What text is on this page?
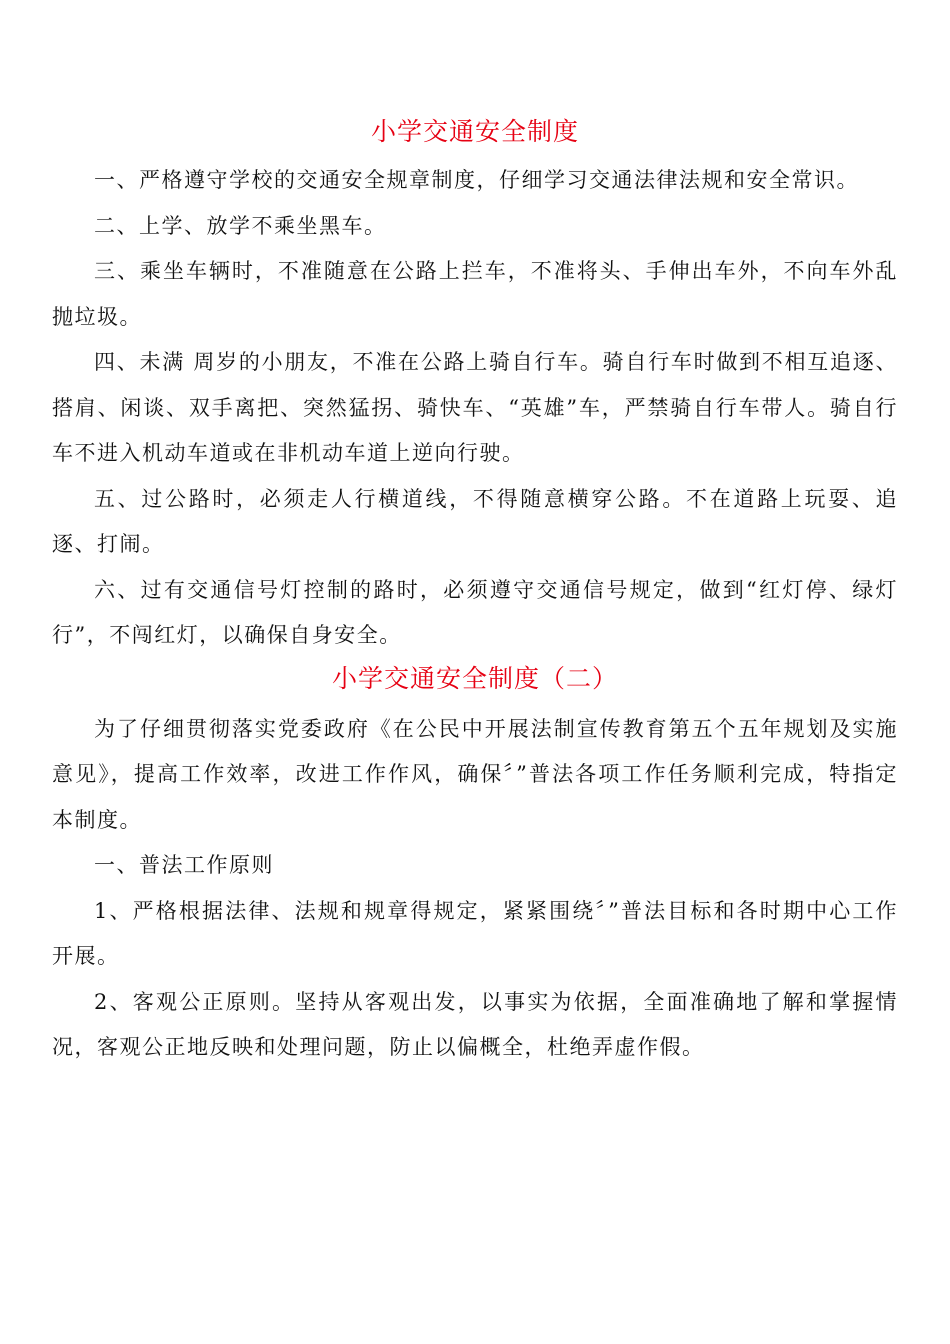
小学交通安全制度

一、严格遵守学校的交通安全规章制度，仔细学习交通法律法规和安全常识。

二、上学、放学不乘坐黑车。

三、乘坐车辆时，不准随意在公路上拦车，不准将头、手伸出车外，不向车外乱抛垃圾。

四、未满 周岁的小朋友，不准在公路上骑自行车。骑自行车时做到不相互追逐、搭肩、闲谈、双手离把、突然猛拐、骑快车、“英雄”车，严禁骑自行车带人。骑自行车不进入机动车道或在非机动车道上逆向行驶。

五、过公路时，必须走人行横道线，不得随意横穿公路。不在道路上玩耍、追逐、打闹。

六、过有交通信号灯控制的路时，必须遵守交通信号规定，做到“红灯停、绿灯行”，不闯红灯，以确保自身安全。

小学交通安全制度（二）

为了仔细贯彻落实党委政府《在公民中开展法制宣传教育第五个五年规划及实施意见》，提高工作效率，改进工作作风，确保〞”普法各项工作任务顺利完成，特指定本制度。

一、普法工作原则

1、严格根据法律、法规和规章得规定，紧紧围绕〞”普法目标和各时期中心工作开展。

2、客观公正原则。坚持从客观出发，以事实为依据，全面准确地了解和掌握情况，客观公正地反映和处理问题，防止以偏概全，杜绝弄虚作假。
